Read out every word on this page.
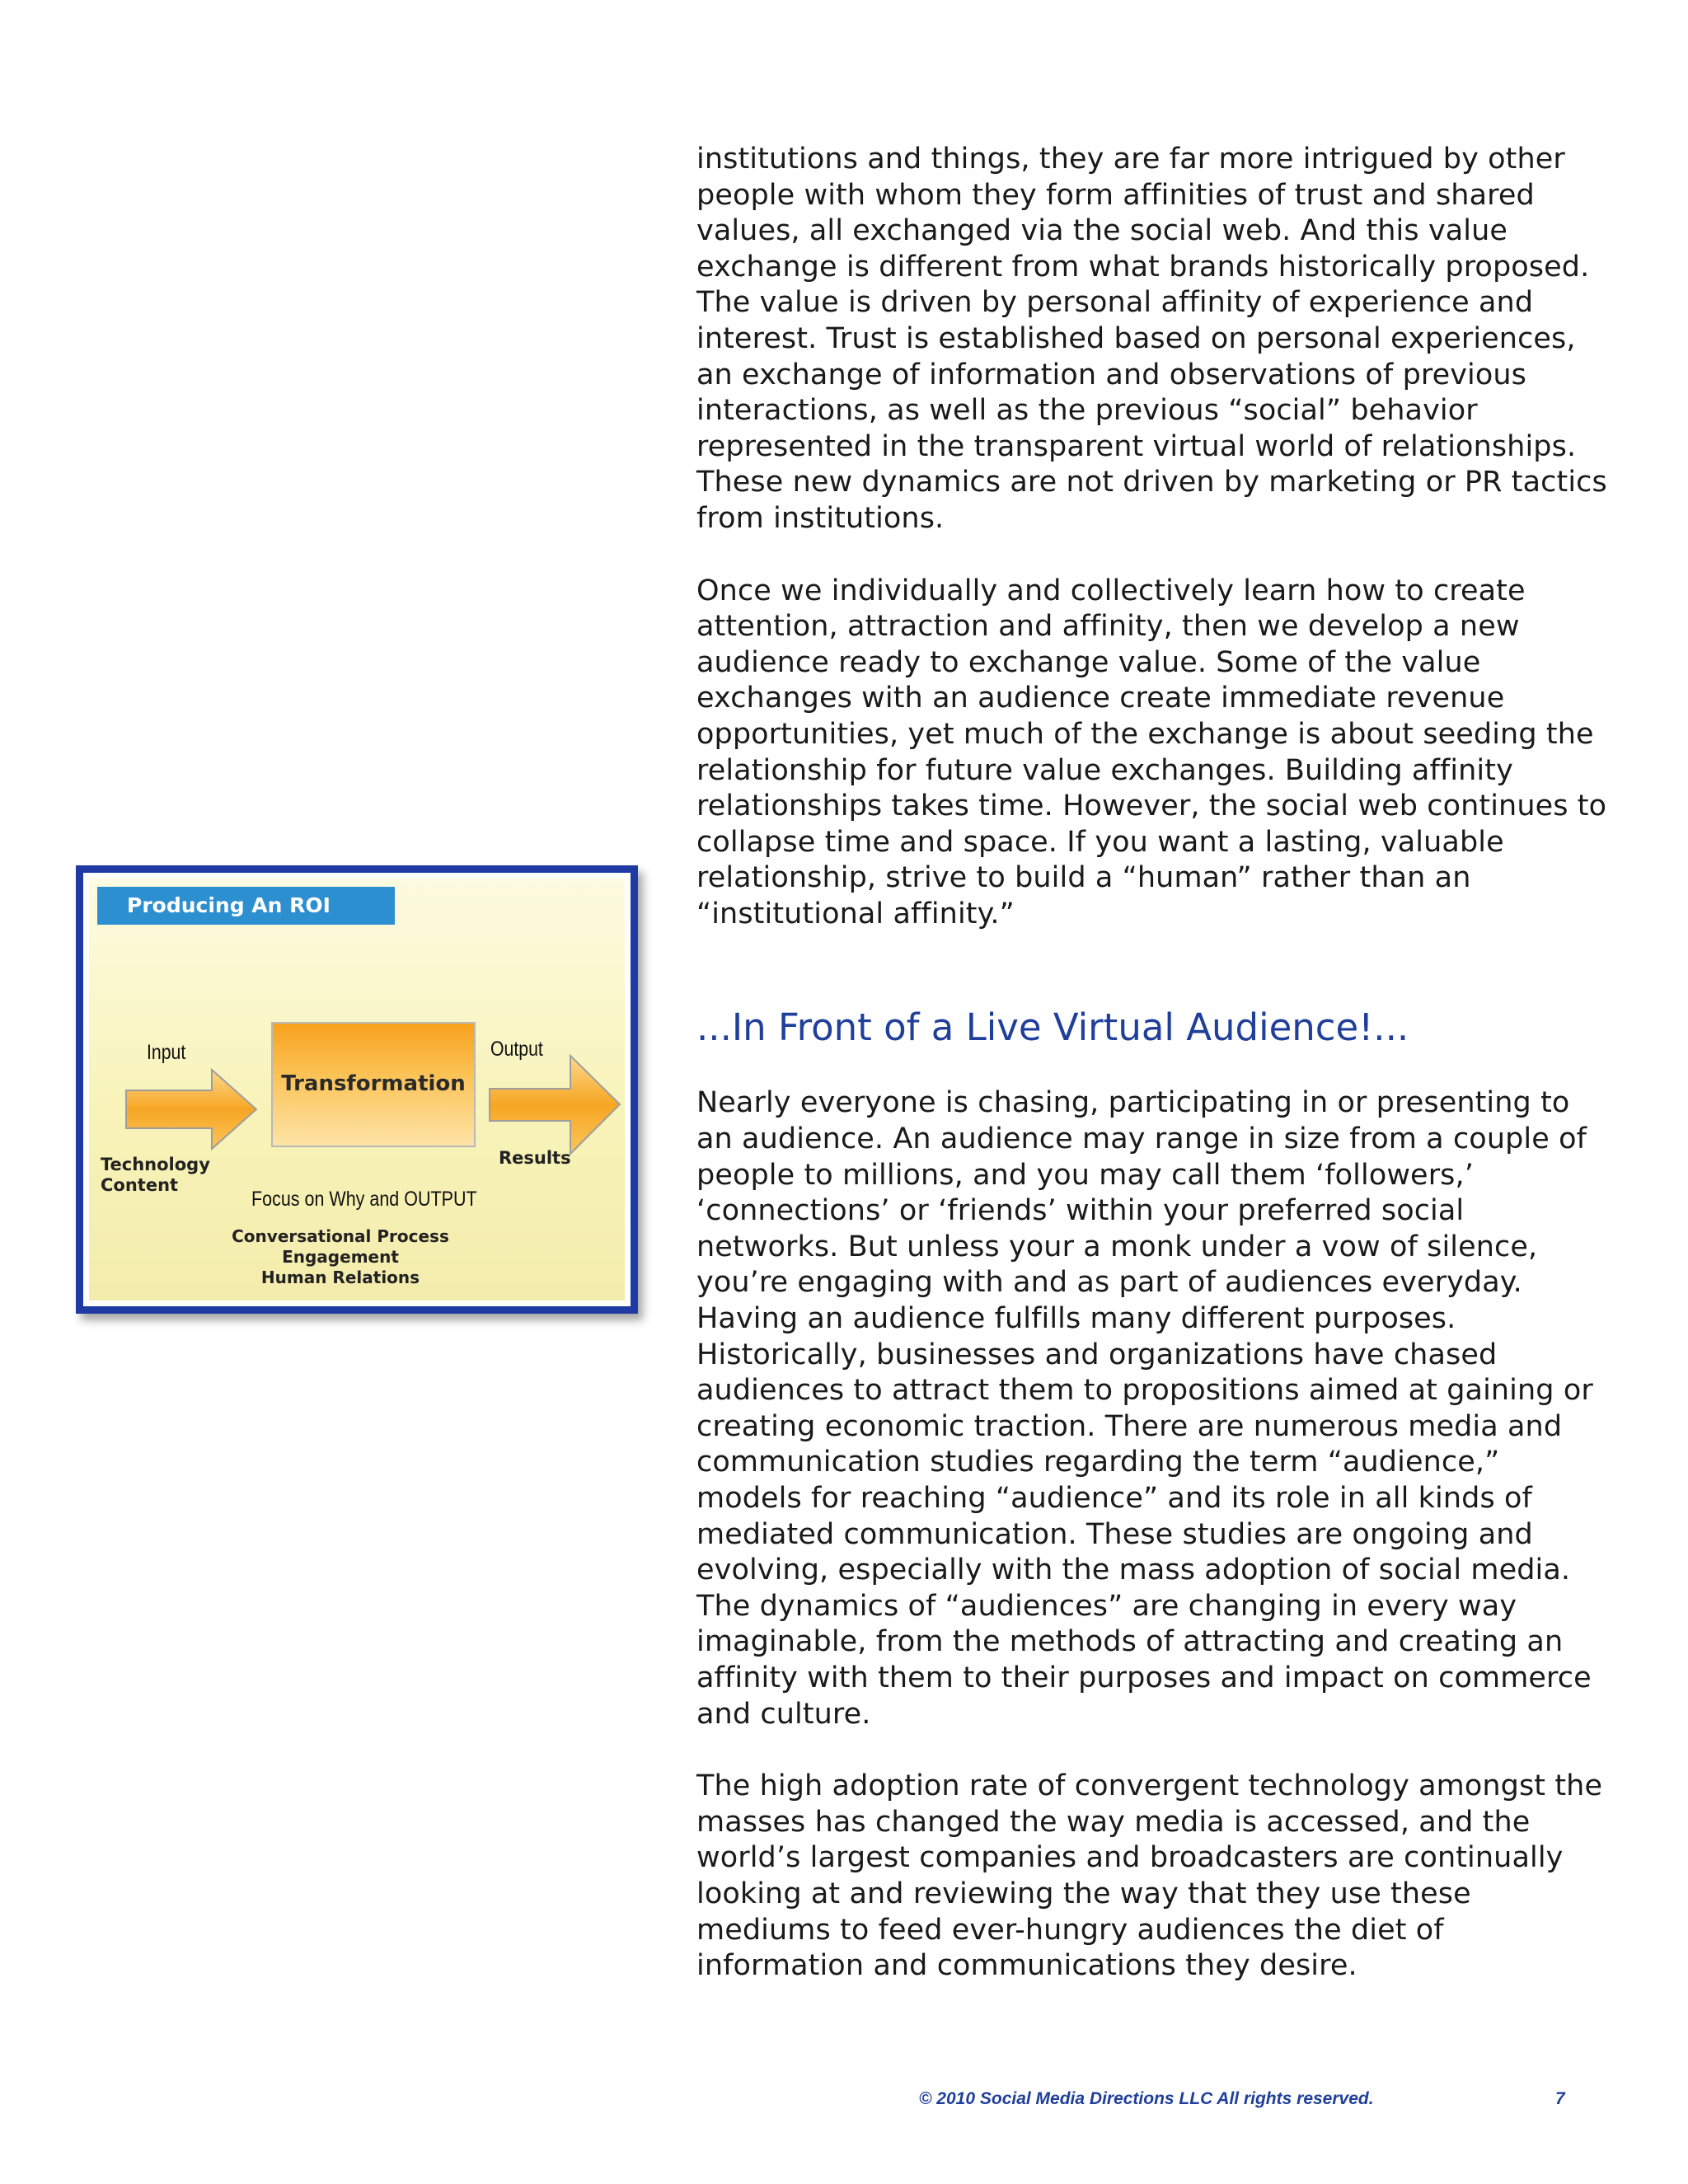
institutions and things, they are far more intrigued by other people with whom they form affinities of trust and shared values, all exchanged via the social web. And this value exchange is different from what brands historically proposed. The value is driven by personal affinity of experience and interest. Trust is established based on personal experiences, an exchange of information and observations of previous interactions, as well as the previous “social” behavior represented in the transparent virtual world of relationships. These new dynamics are not driven by marketing or PR tactics from institutions.

Once we individually and collectively learn how to create attention, attraction and affinity, then we develop a new audience ready to exchange value. Some of the value exchanges with an audience create immediate revenue opportunities, yet much of the exchange is about seeding the relationship for future value exchanges. Building affinity relationships takes time. However, the social web continues to collapse time and space. If you want a lasting, valuable relationship, strive to build a “human” rather than an “institutional affinity.”

...In Front of a Live Virtual Audience!...

Nearly everyone is chasing, participating in or presenting to an audience. An audience may range in size from a couple of people to millions, and you may call them ‘followers,’ ‘connections’ or ‘friends’ within your preferred social networks. But unless your a monk under a vow of silence, you’re engaging with and as part of audiences everyday. Having an audience fulfills many different purposes. Historically, businesses and organizations have chased audiences to attract them to propositions aimed at gaining or creating economic traction. There are numerous media and communication studies regarding the term “audience,” models for reaching “audience” and its role in all kinds of mediated communication. These studies are ongoing and evolving, especially with the mass adoption of social media. The dynamics of “audiences” are changing in every way imaginable, from the methods of attracting and creating an affinity with them to their purposes and impact on commerce and culture.

The high adoption rate of convergent technology amongst the masses has changed the way media is accessed, and the world’s largest companies and broadcasters are continually looking at and reviewing the way that they use these mediums to feed ever-hungry audiences the diet of information and communications they desire.

Producing An ROI
Input
Transformation
Output
Technology
Content
Results
Focus on Why and OUTPUT
Conversational Process
Engagement
Human Relations
© 2010 Social Media Directions LLC All rights reserved.	7
